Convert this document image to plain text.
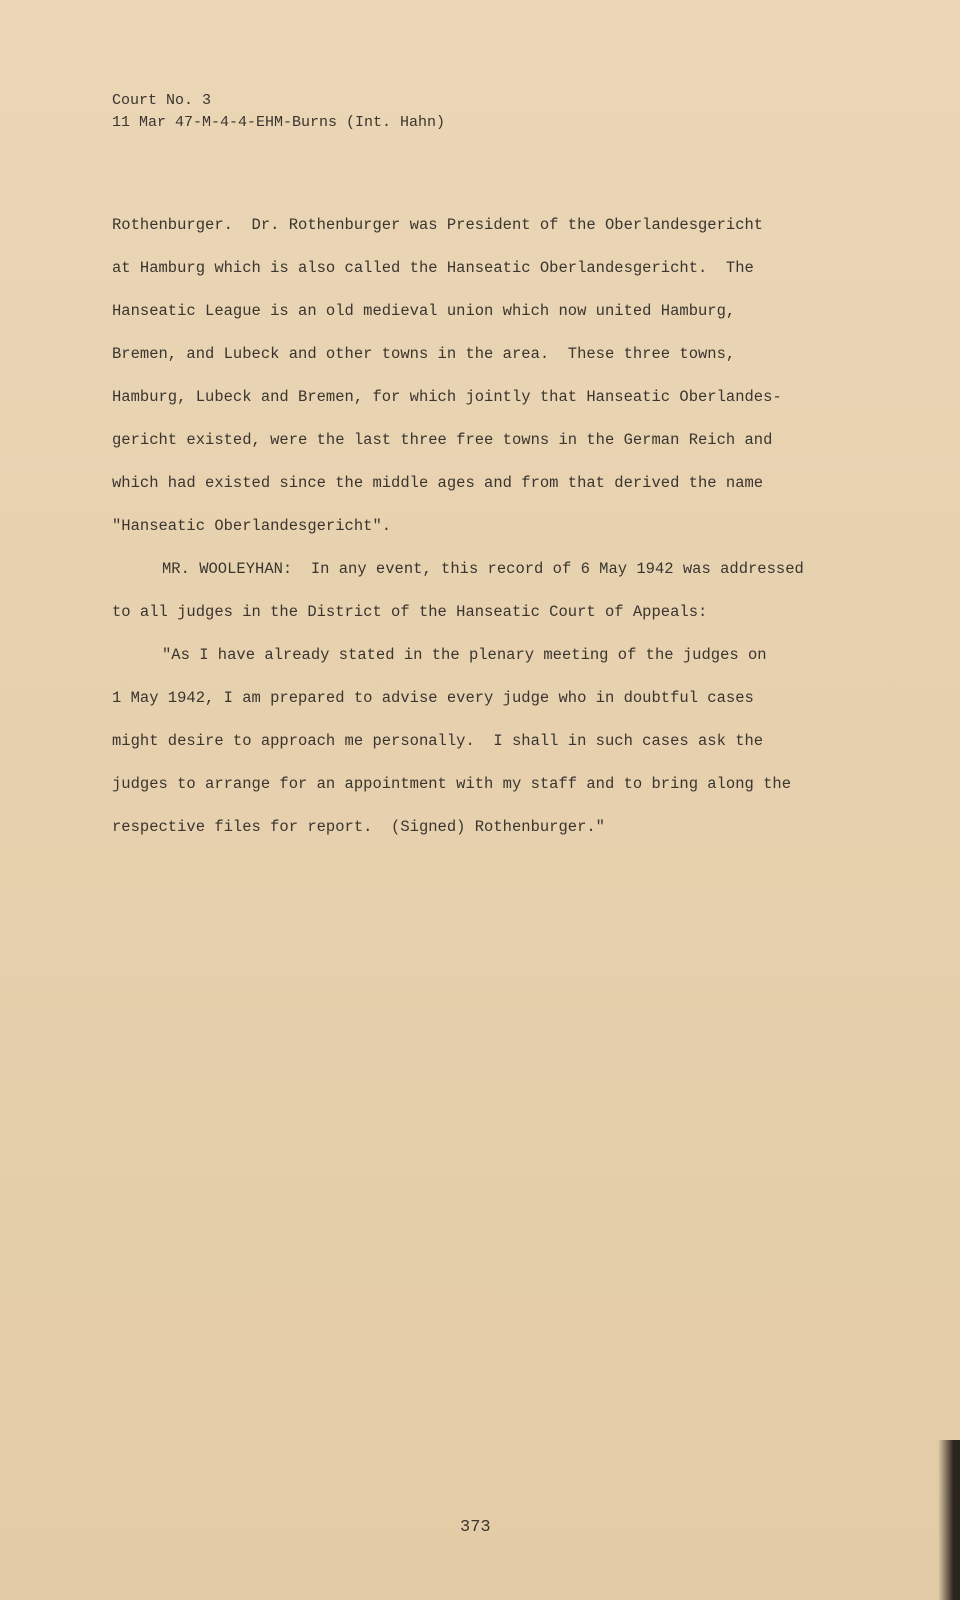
Court No. 3
11 Mar 47-M-4-4-EHM-Burns (Int. Hahn)
Rothenburger.  Dr. Rothenburger was President of the Oberlandesgericht
at Hamburg which is also called the Hanseatic Oberlandesgericht.  The
Hanseatic League is an old medieval union which now united Hamburg,
Bremen, and Lubeck and other towns in the area.  These three towns,
Hamburg, Lubeck and Bremen, for which jointly that Hanseatic Oberlandes-
gericht existed, were the last three free towns in the German Reich and
which had existed since the middle ages and from that derived the name
"Hanseatic Oberlandesgericht".
MR. WOOLEYHAN:  In any event, this record of 6 May 1942 was addressed
to all judges in the District of the Hanseatic Court of Appeals:
"As I have already stated in the plenary meeting of the judges on
1 May 1942, I am prepared to advise every judge who in doubtful cases
might desire to approach me personally.  I shall in such cases ask the
judges to arrange for an appointment with my staff and to bring along the
respective files for report.  (Signed) Rothenburger."
373
